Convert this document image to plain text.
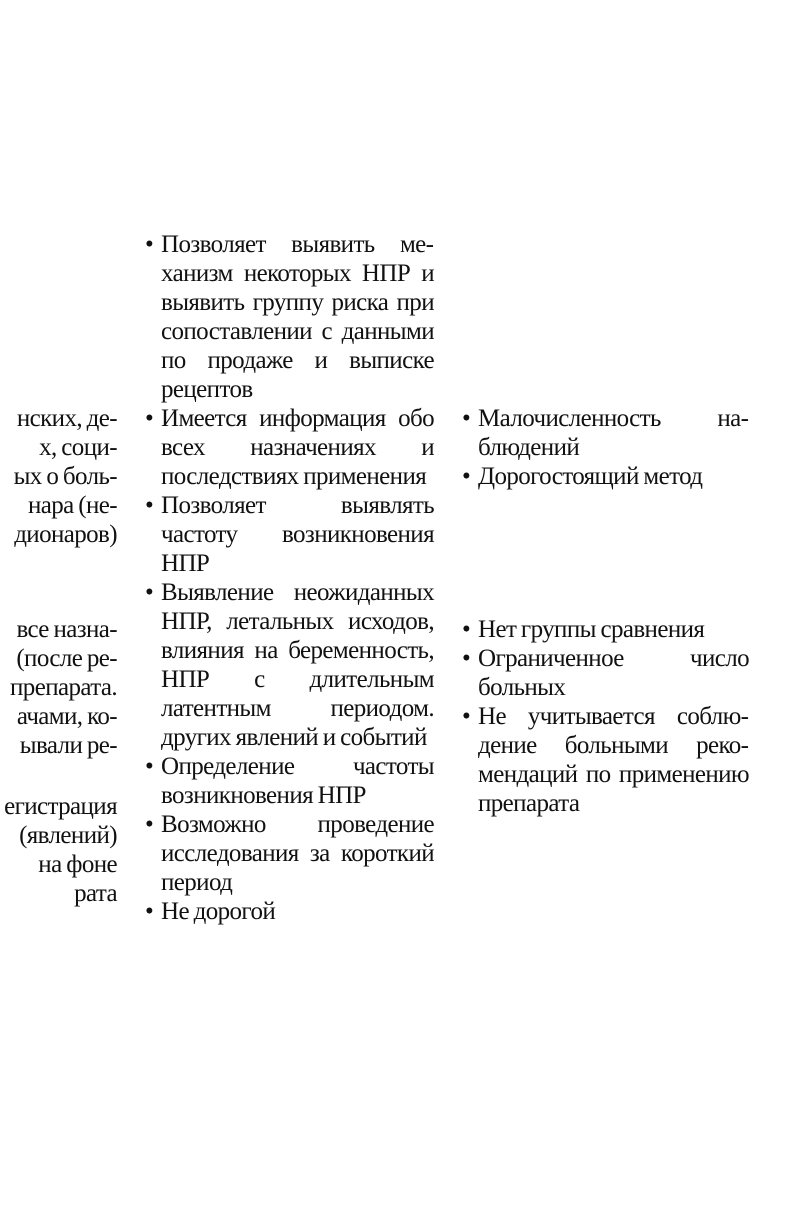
нских, де-
х, соци-
ых о боль-
нара (не-
дионаров)
все назна-
(после ре-
препарата.
ачами, ко-
ывали ре-
егистрация
(явлений)
на фоне
рата

• Позволяет выявить механизм некоторых НПР и выявить группу риска при сопоставлении с данными по продаже и выписке рецептов

• Имеется информация обо всех назначениях и последствиях применения

• Позволяет выявлять частоту возникновения НПР

• Выявление неожиданных НПР, летальных исходов, влияния на беременность, НПР с длительным латентным периодом. других явлений и событий

• Определение частоты возникновения НПР

• Возможно проведение исследования за короткий период

• Не дорогой

• Малочисленность наблюдений

• Дорогостоящий метод

• Нет группы сравнения

• Ограниченное число больных

• Не учитывается соблюдение больными рекомендаций по применению препарата
